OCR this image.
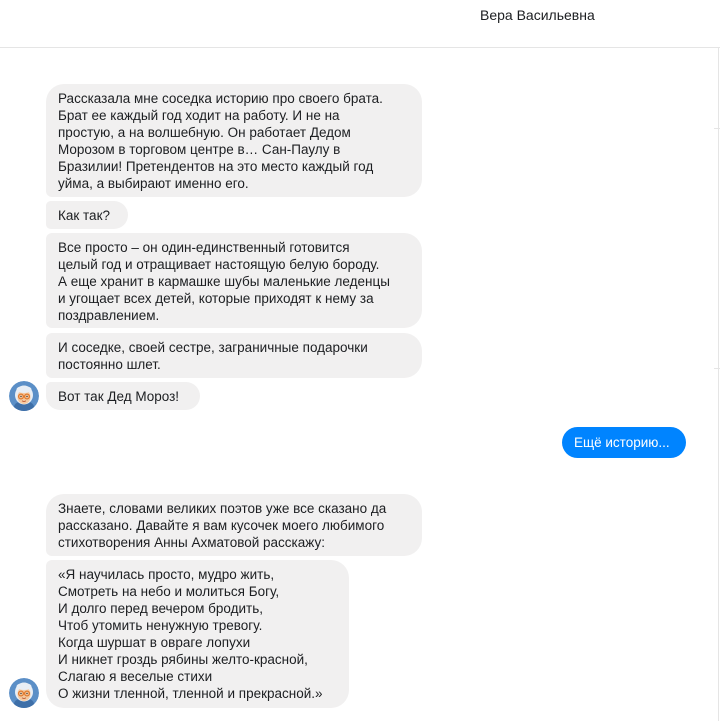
Вера Васильевна
Рассказала мне соседка историю про своего брата.
Брат ее каждый год ходит на работу. И не на
простую, а на волшебную. Он работает Дедом
Морозом в торговом центре в… Сан-Паулу в
Бразилии! Претендентов на это место каждый год
уйма, а выбирают именно его.
Как так?
Все просто – он один-единственный готовится
целый год и отращивает настоящую белую бороду.
А еще хранит в кармашке шубы маленькие леденцы
и угощает всех детей, которые приходят к нему за
поздравлением.
И соседке, своей сестре, заграничные подарочки
постоянно шлет.
Вот так Дед Мороз!
Ещё историю...
Знаете, словами великих поэтов уже все сказано да
рассказано. Давайте я вам кусочек моего любимого
стихотворения Анны Ахматовой расскажу:
«Я научилась просто, мудро жить,
Смотреть на небо и молиться Богу,
И долго перед вечером бродить,
Чтоб утомить ненужную тревогу.
Когда шуршат в овраге лопухи
И никнет гроздь рябины желто-красной,
Слагаю я веселые стихи
О жизни тленной, тленной и прекрасной.»
